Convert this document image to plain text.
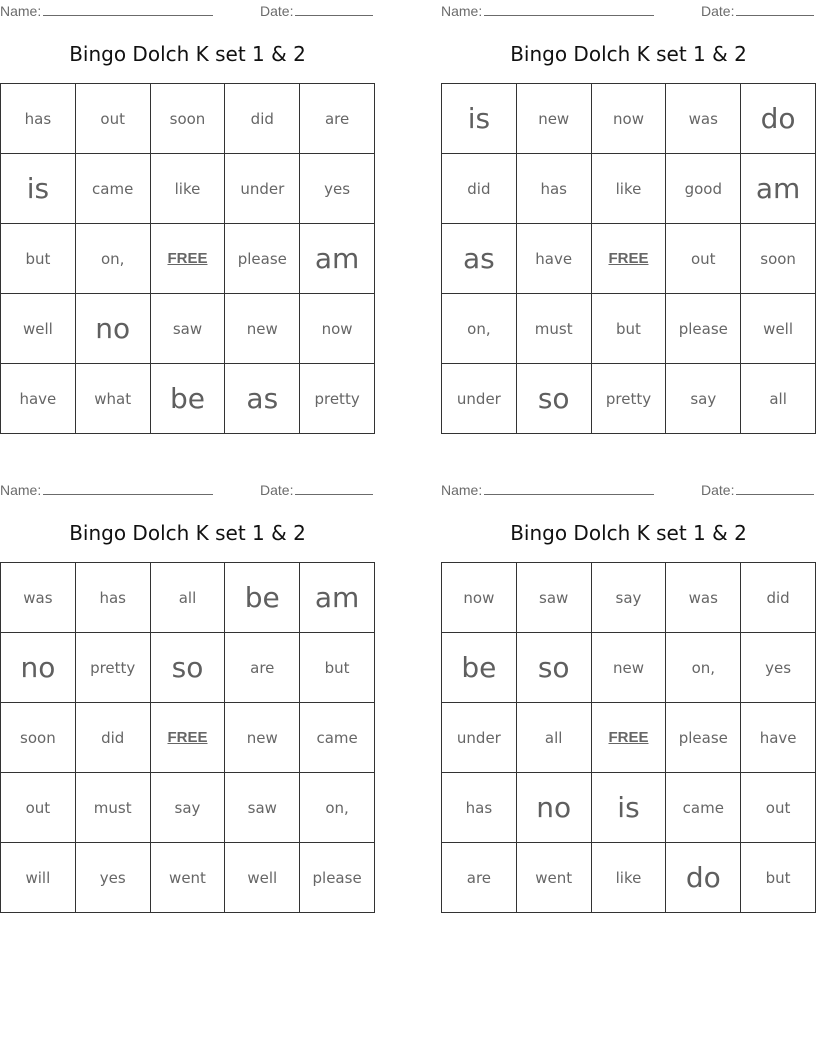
Name:	Date:
Bingo Dolch K set 1 & 2
has	out	soon	did	are
is	came	like	under	yes
but	on,	FREE	please	am
well	no	saw	new	now
have	what	be	as	pretty
Name:	Date:
Bingo Dolch K set 1 & 2
is	new	now	was	do
did	has	like	good	am
as	have	FREE	out	soon
on,	must	but	please	well
under	so	pretty	say	all
Name:	Date:
Bingo Dolch K set 1 & 2
was	has	all	be	am
no	pretty	so	are	but
soon	did	FREE	new	came
out	must	say	saw	on,
will	yes	went	well	please
Name:	Date:
Bingo Dolch K set 1 & 2
now	saw	say	was	did
be	so	new	on,	yes
under	all	FREE	please	have
has	no	is	came	out
are	went	like	do	but
